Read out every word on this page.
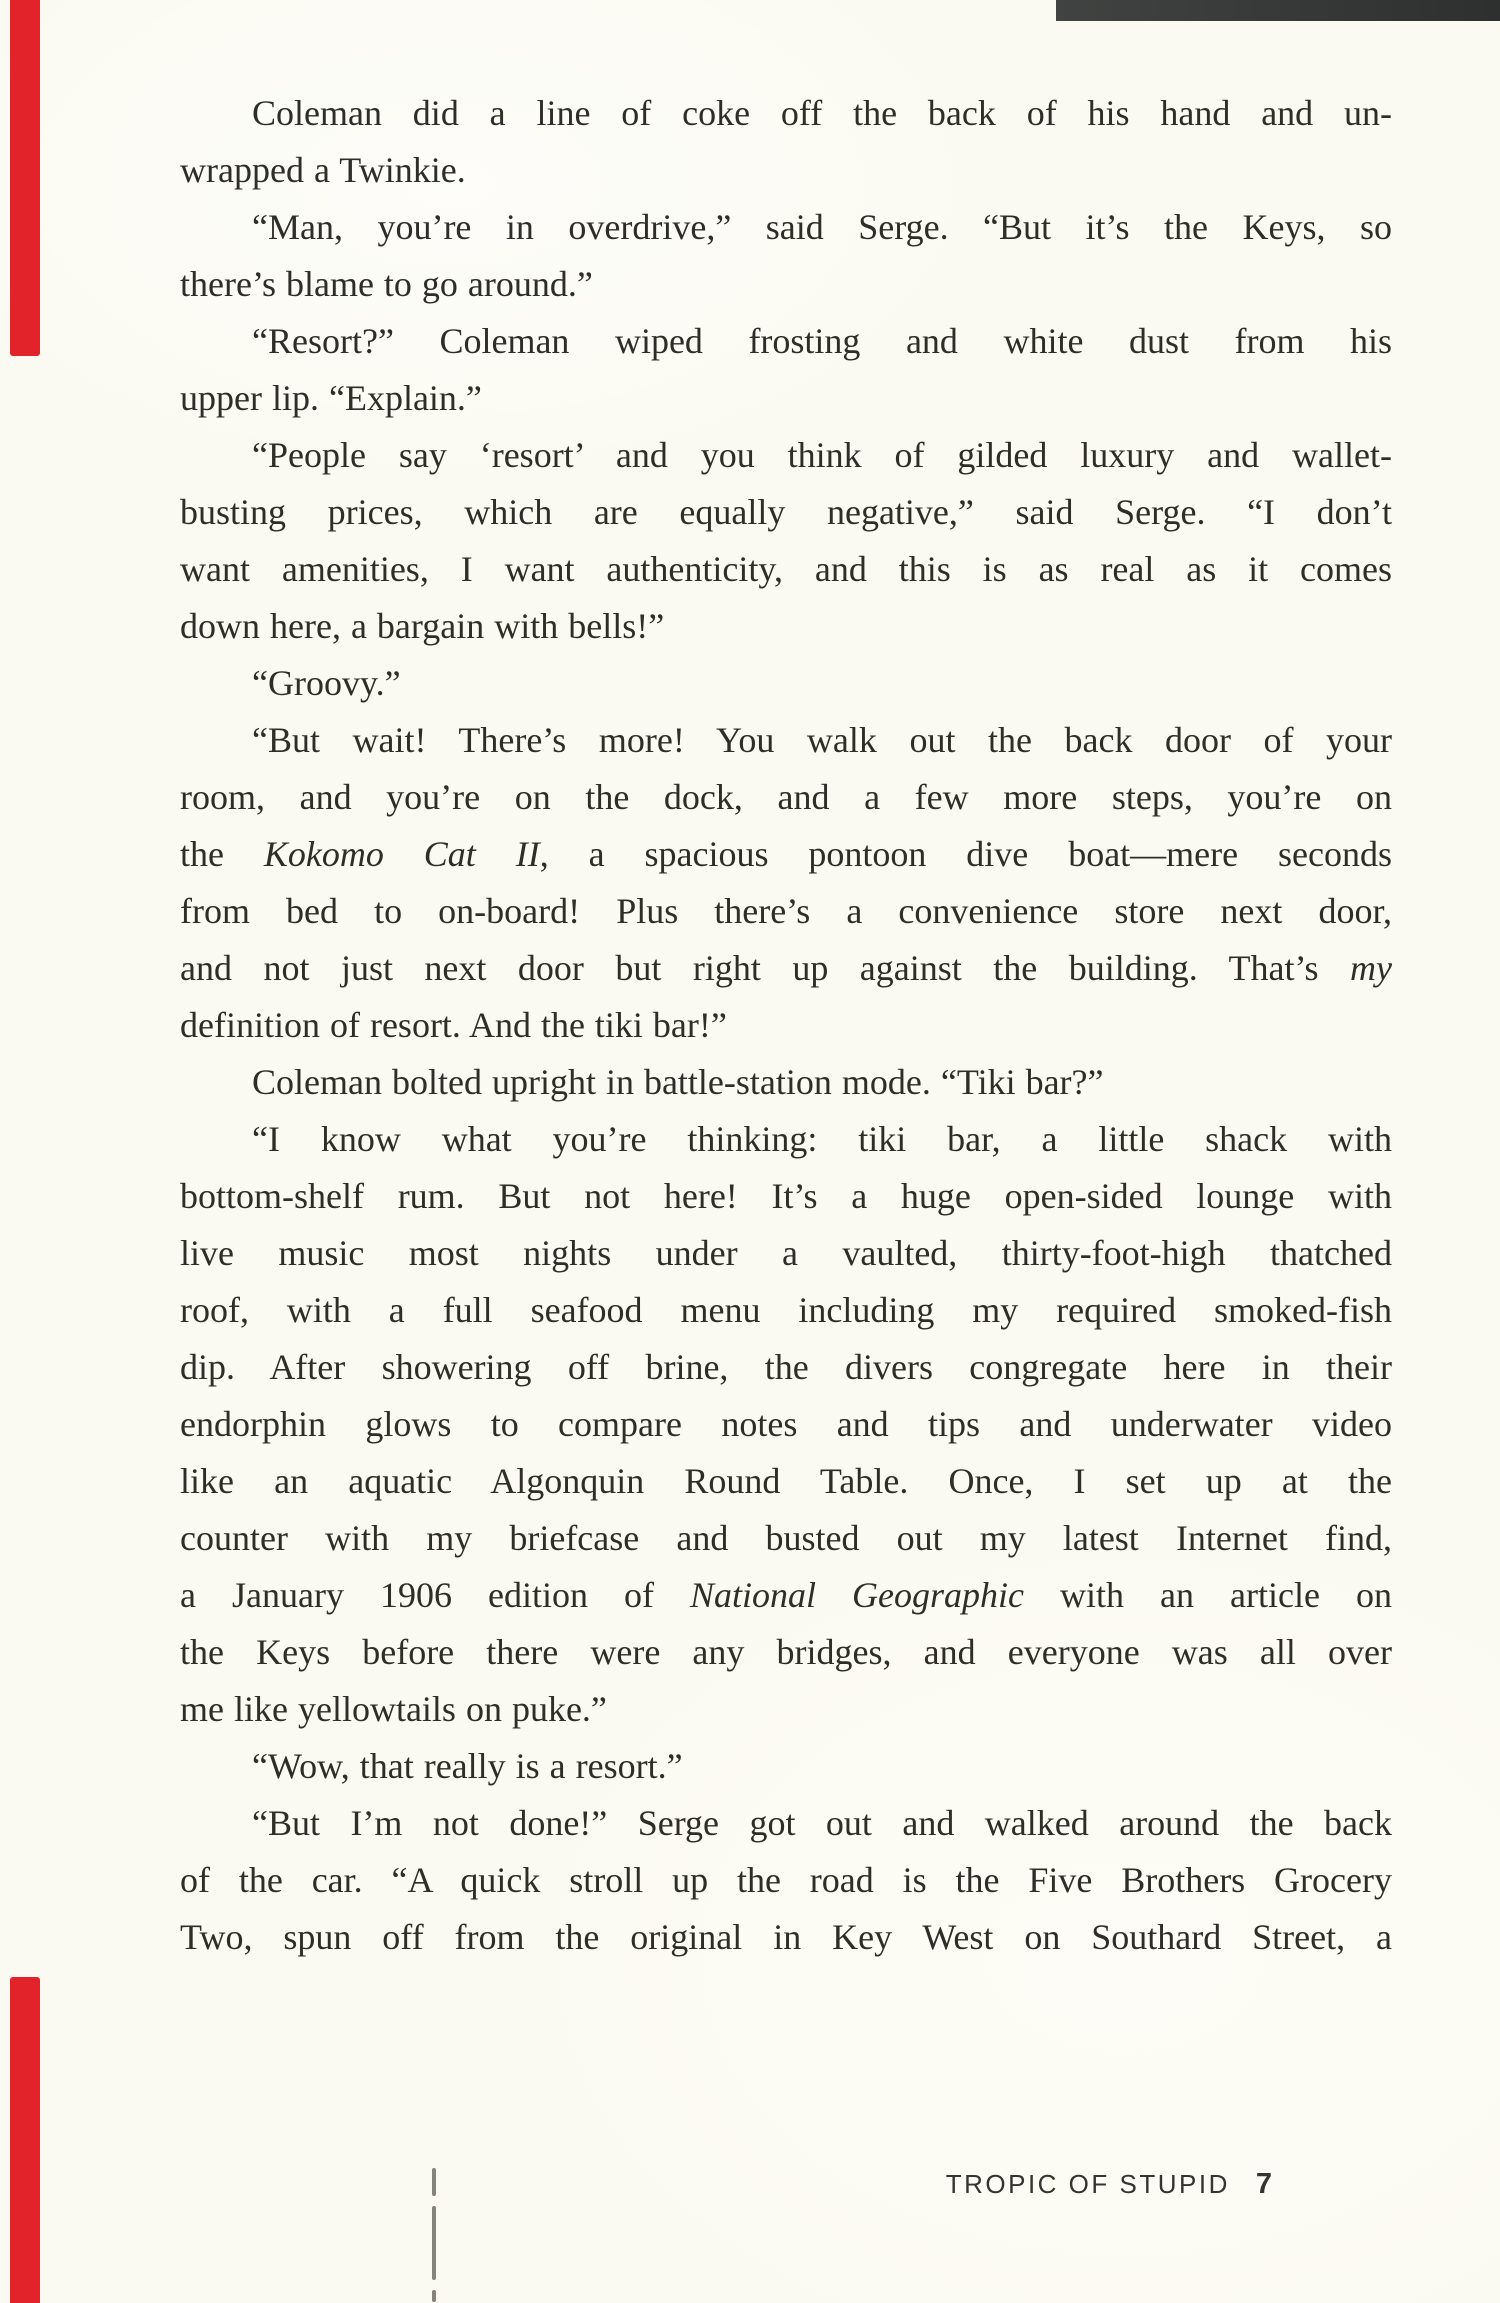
Coleman did a line of coke off the back of his hand and un-
wrapped a Twinkie.
“Man, you’re in overdrive,” said Serge. “But it’s the Keys, so
there’s blame to go around.”
“Resort?” Coleman wiped frosting and white dust from his
upper lip. “Explain.”
“People say ‘resort’ and you think of gilded luxury and wallet-
busting prices, which are equally negative,” said Serge. “I don’t
want amenities, I want authenticity, and this is as real as it comes
down here, a bargain with bells!”
“Groovy.”
“But wait! There’s more! You walk out the back door of your
room, and you’re on the dock, and a few more steps, you’re on
the Kokomo Cat II, a spacious pontoon dive boat—mere seconds
from bed to on-board! Plus there’s a convenience store next door,
and not just next door but right up against the building. That’s my
definition of resort. And the tiki bar!”
Coleman bolted upright in battle-station mode. “Tiki bar?”
“I know what you’re thinking: tiki bar, a little shack with
bottom-shelf rum. But not here! It’s a huge open-sided lounge with
live music most nights under a vaulted, thirty-foot-high thatched
roof, with a full seafood menu including my required smoked-fish
dip. After showering off brine, the divers congregate here in their
endorphin glows to compare notes and tips and underwater video
like an aquatic Algonquin Round Table. Once, I set up at the
counter with my briefcase and busted out my latest Internet find,
a January 1906 edition of National Geographic with an article on
the Keys before there were any bridges, and everyone was all over
me like yellowtails on puke.”
“Wow, that really is a resort.”
“But I’m not done!” Serge got out and walked around the back
of the car. “A quick stroll up the road is the Five Brothers Grocery
Two, spun off from the original in Key West on Southard Street, a
TROPIC OF STUPID 7
